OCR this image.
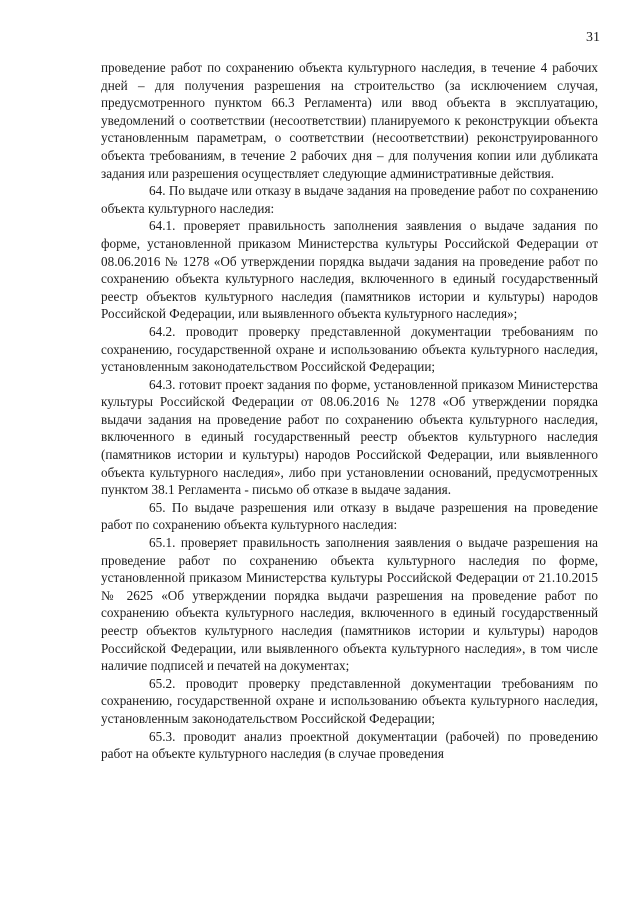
31

проведение работ по сохранению объекта культурного наследия, в течение 4 рабочих дней – для получения разрешения на строительство (за исключением случая, предусмотренного пунктом 66.3 Регламента) или ввод объекта в эксплуатацию, уведомлений о соответствии (несоответствии) планируемого к реконструкции объекта установленным параметрам, о соответствии (несоответствии) реконструированного объекта требованиям, в течение 2 рабочих дня – для получения копии или дубликата задания или разрешения осуществляет следующие административные действия.

64. По выдаче или отказу в выдаче задания на проведение работ по сохранению объекта культурного наследия:

64.1. проверяет правильность заполнения заявления о выдаче задания по форме, установленной приказом Министерства культуры Российской Федерации от 08.06.2016 № 1278 «Об утверждении порядка выдачи задания на проведение работ по сохранению объекта культурного наследия, включенного в единый государственный реестр объектов культурного наследия (памятников истории и культуры) народов Российской Федерации, или выявленного объекта культурного наследия»;

64.2. проводит проверку представленной документации требованиям по сохранению, государственной охране и использованию объекта культурного наследия, установленным законодательством Российской Федерации;

64.3. готовит проект задания по форме, установленной приказом Министерства культуры Российской Федерации от 08.06.2016 № 1278 «Об утверждении порядка выдачи задания на проведение работ по сохранению объекта культурного наследия, включенного в единый государственный реестр объектов культурного наследия (памятников истории и культуры) народов Российской Федерации, или выявленного объекта культурного наследия», либо при установлении оснований, предусмотренных пунктом 38.1 Регламента - письмо об отказе в выдаче задания.

65. По выдаче разрешения или отказу в выдаче разрешения на проведение работ по сохранению объекта культурного наследия:

65.1. проверяет правильность заполнения заявления о выдаче разрешения на проведение работ по сохранению объекта культурного наследия по форме, установленной приказом Министерства культуры Российской Федерации от 21.10.2015 № 2625 «Об утверждении порядка выдачи разрешения на проведение работ по сохранению объекта культурного наследия, включенного в единый государственный реестр объектов культурного наследия (памятников истории и культуры) народов Российской Федерации, или выявленного объекта культурного наследия», в том числе наличие подписей и печатей на документах;

65.2. проводит проверку представленной документации требованиям по сохранению, государственной охране и использованию объекта культурного наследия, установленным законодательством Российской Федерации;

65.3. проводит анализ проектной документации (рабочей) по проведению работ на объекте культурного наследия (в случае проведения
